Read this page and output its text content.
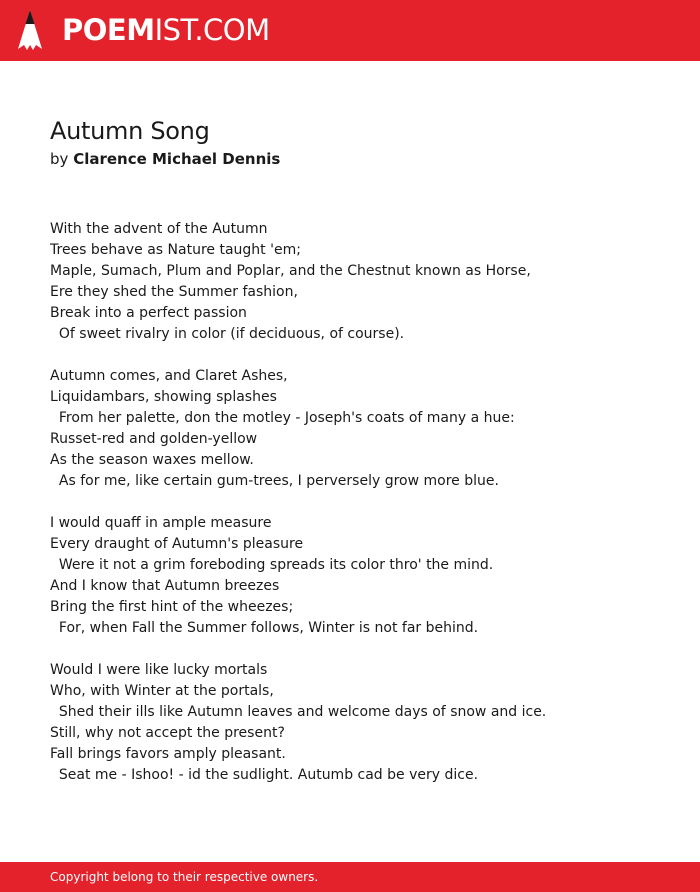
POEMIST.COM
Autumn Song
by Clarence Michael Dennis
With the advent of the Autumn
Trees behave as Nature taught 'em;
Maple, Sumach, Plum and Poplar, and the Chestnut known as Horse,
Ere they shed the Summer fashion,
Break into a perfect passion
Of sweet rivalry in color (if deciduous, of course).
Autumn comes, and Claret Ashes,
Liquidambars, showing splashes
From her palette, don the motley - Joseph's coats of many a hue:
Russet-red and golden-yellow
As the season waxes mellow.
As for me, like certain gum-trees, I perversely grow more blue.
I would quaff in ample measure
Every draught of Autumn's pleasure
Were it not a grim foreboding spreads its color thro' the mind.
And I know that Autumn breezes
Bring the first hint of the wheezes;
For, when Fall the Summer follows, Winter is not far behind.
Would I were like lucky mortals
Who, with Winter at the portals,
Shed their ills like Autumn leaves and welcome days of snow and ice.
Still, why not accept the present?
Fall brings favors amply pleasant.
Seat me - Ishoo! - id the sudlight. Autumb cad be very dice.
Copyright belong to their respective owners.
